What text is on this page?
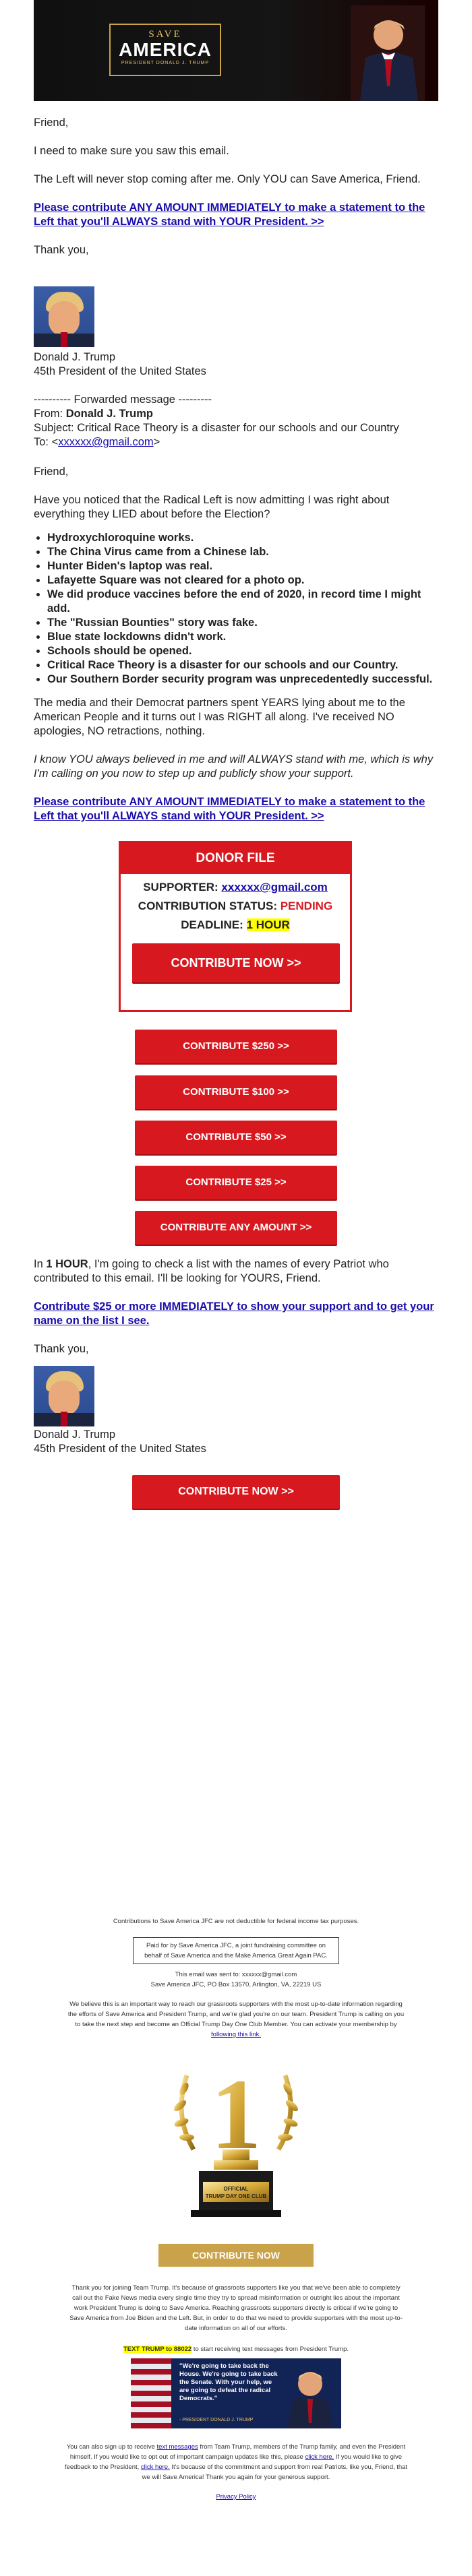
SAVE
AMERICA
PRESIDENT DONALD J. TRUMP

Friend,

I need to make sure you saw this email.

The Left will never stop coming after me. Only YOU can Save America, Friend.

Please contribute ANY AMOUNT IMMEDIATELY to make a statement to the Left that you'll ALWAYS stand with YOUR President. >>

Thank you,

Donald J. Trump

45th President of the United States

---------- Forwarded message ---------

From: Donald J. Trump

Subject: Critical Race Theory is a disaster for our schools and our Country

To: <xxxxxx@gmail.com>

Friend,

Have you noticed that the Radical Left is now admitting I was right about everything they LIED about before the Election?

• Hydroxychloroquine works.
• The China Virus came from a Chinese lab.
• Hunter Biden's laptop was real.
• Lafayette Square was not cleared for a photo op.
• We did produce vaccines before the end of 2020, in record time I might add.
• The "Russian Bounties" story was fake.
• Blue state lockdowns didn't work.
• Schools should be opened.
• Critical Race Theory is a disaster for our schools and our Country.
• Our Southern Border security program was unprecedentedly successful.

The media and their Democrat partners spent YEARS lying about me to the American People and it turns out I was RIGHT all along. I've received NO apologies, NO retractions, nothing.

I know YOU always believed in me and will ALWAYS stand with me, which is why I'm calling on you now to step up and publicly show your support.

Please contribute ANY AMOUNT IMMEDIATELY to make a statement to the Left that you'll ALWAYS stand with YOUR President. >>

DONOR FILE
SUPPORTER: xxxxxx@gmail.com
CONTRIBUTION STATUS: PENDING
DEADLINE: 1 HOUR
CONTRIBUTE NOW >>
CONTRIBUTE $250 >>
CONTRIBUTE $100 >>
CONTRIBUTE $50 >>
CONTRIBUTE $25 >>
CONTRIBUTE ANY AMOUNT >>

In 1 HOUR, I'm going to check a list with the names of every Patriot who contributed to this email. I'll be looking for YOURS, Friend.

Contribute $25 or more IMMEDIATELY to show your support and to get your name on the list I see.

Thank you,

Donald J. Trump

45th President of the United States

CONTRIBUTE NOW >>
Contributions to Save America JFC are not deductible for federal income tax purposes.
Paid for by Save America JFC, a joint fundraising committee on behalf of Save America and the Make America Great Again PAC.
This email was sent to: xxxxxx@gmail.com
Save America JFC, PO Box 13570, Arlington, VA, 22219 US
We believe this is an important way to reach our grassroots supporters with the most up-to-date information regarding the efforts of Save America and President Trump, and we're glad you're on our team. President Trump is calling on you to take the next step and become an Official Trump Day One Club Member. You can activate your membership by following this link.
1
OFFICIAL
TRUMP DAY ONE CLUB
CONTRIBUTE NOW
Thank you for joining Team Trump. It's because of grassroots supporters like you that we've been able to completely call out the Fake News media every single time they try to spread misinformation or outright lies about the important work President Trump is doing to Save America. Reaching grassroots supporters directly is critical if we're going to Save America from Joe Biden and the Left. But, in order to do that we need to provide supporters with the most up-to-date information on all of our efforts.
TEXT TRUMP to 88022 to start receiving text messages from President Trump.
"We're going to take back the House. We're going to take back the Senate. With your help, we are going to defeat the radical Democrats."
- PRESIDENT DONALD J. TRUMP
You can also sign up to receive text messages from Team Trump, members of the Trump family, and even the President himself. If you would like to opt out of important campaign updates like this, please click here. If you would like to give feedback to the President, click here. It's because of the commitment and support from real Patriots, like you, Friend, that we will Save America! Thank you again for your generous support.
Privacy Policy
